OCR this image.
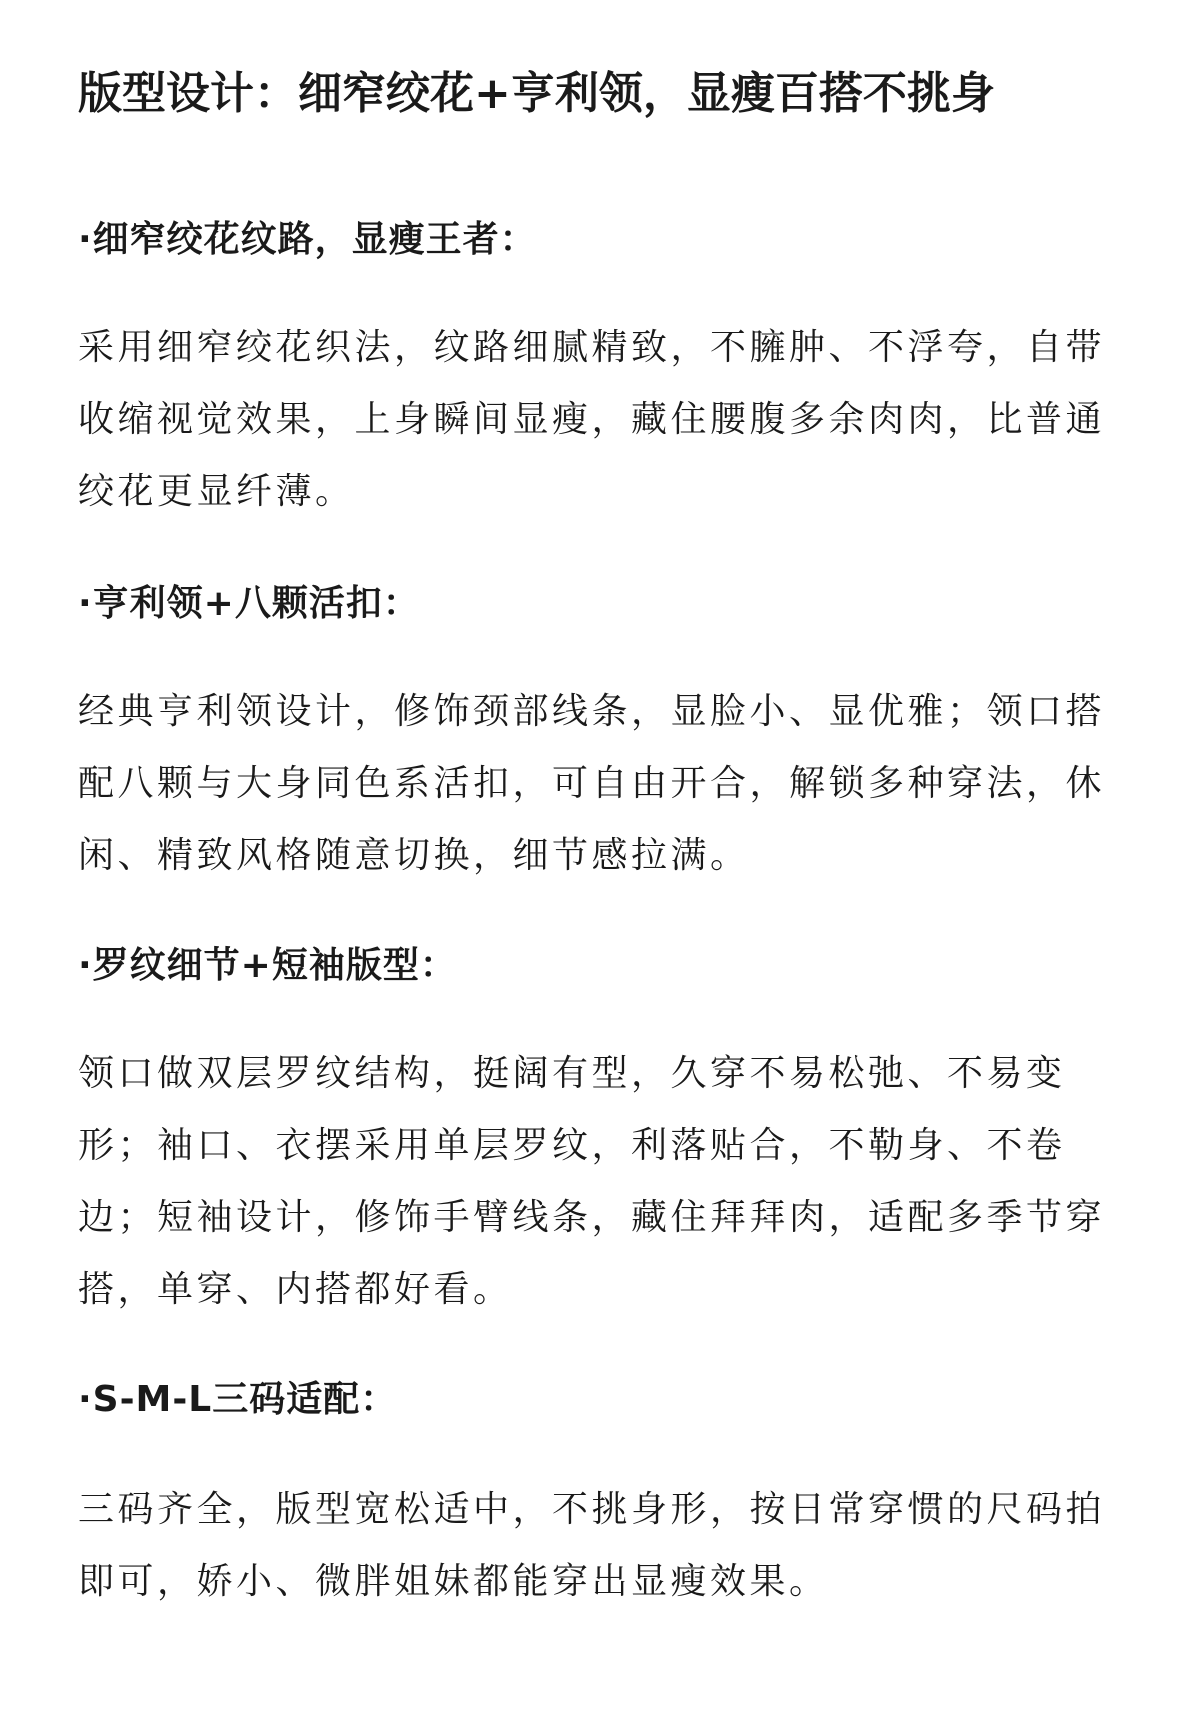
版型设计：细窄绞花+亨利领，显瘦百搭不挑身
·细窄绞花纹路，显瘦王者：
采用细窄绞花织法，纹路细腻精致，不臃肿、不浮夸，自带
收缩视觉效果，上身瞬间显瘦，藏住腰腹多余肉肉，比普通
绞花更显纤薄。
·亨利领+八颗活扣：
经典亨利领设计，修饰颈部线条，显脸小、显优雅；领口搭
配八颗与大身同色系活扣，可自由开合，解锁多种穿法，休
闲、精致风格随意切换，细节感拉满。
·罗纹细节+短袖版型：
领口做双层罗纹结构，挺阔有型，久穿不易松弛、不易变
形；袖口、衣摆采用单层罗纹，利落贴合，不勒身、不卷
边；短袖设计，修饰手臂线条，藏住拜拜肉，适配多季节穿
搭，单穿、内搭都好看。
·S-M-L三码适配：
三码齐全，版型宽松适中，不挑身形，按日常穿惯的尺码拍
即可，娇小、微胖姐妹都能穿出显瘦效果。
